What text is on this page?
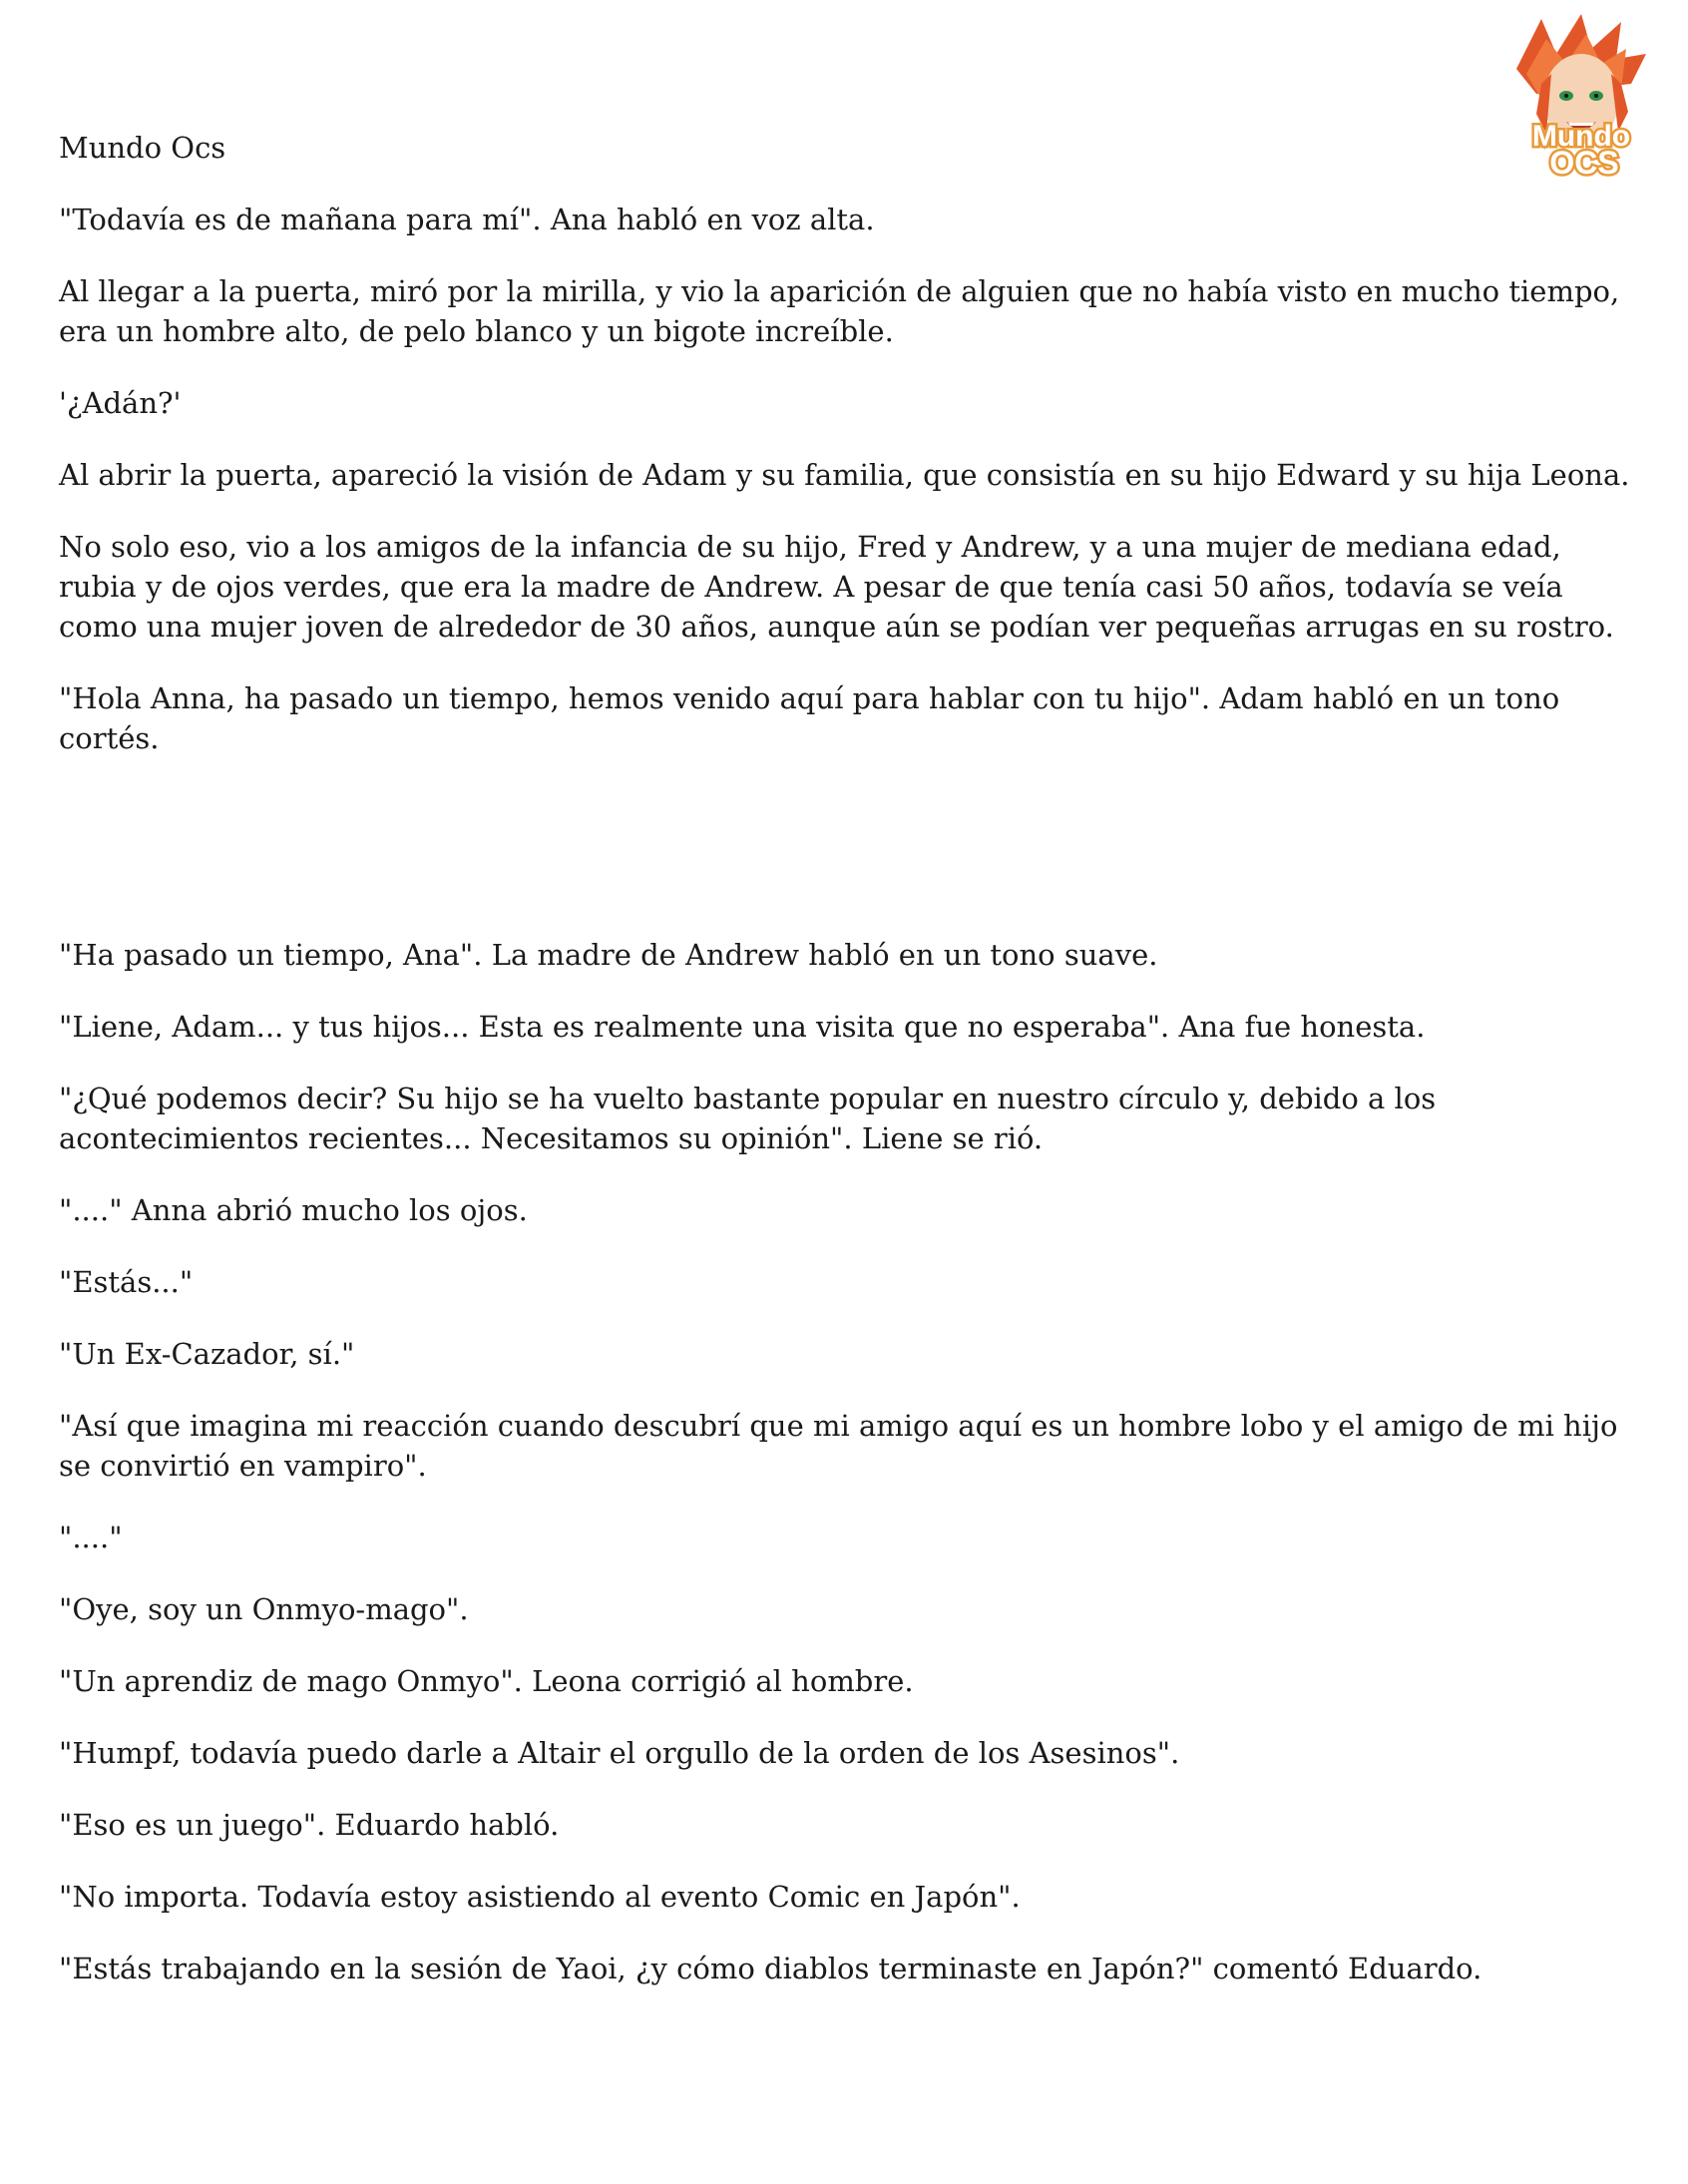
Mundo
OCS

Mundo Ocs

"Todavía es de mañana para mí". Ana habló en voz alta.

Al llegar a la puerta, miró por la mirilla, y vio la aparición de alguien que no había visto en mucho tiempo, era un hombre alto, de pelo blanco y un bigote increíble.

'¿Adán?'

Al abrir la puerta, apareció la visión de Adam y su familia, que consistía en su hijo Edward y su hija Leona.

No solo eso, vio a los amigos de la infancia de su hijo, Fred y Andrew, y a una mujer de mediana edad, rubia y de ojos verdes, que era la madre de Andrew. A pesar de que tenía casi 50 años, todavía se veía como una mujer joven de alrededor de 30 años, aunque aún se podían ver pequeñas arrugas en su rostro.

"Hola Anna, ha pasado un tiempo, hemos venido aquí para hablar con tu hijo". Adam habló en un tono cortés.

"Ha pasado un tiempo, Ana". La madre de Andrew habló en un tono suave.

"Liene, Adam... y tus hijos... Esta es realmente una visita que no esperaba". Ana fue honesta.

"¿Qué podemos decir? Su hijo se ha vuelto bastante popular en nuestro círculo y, debido a los acontecimientos recientes... Necesitamos su opinión". Liene se rió.

"...." Anna abrió mucho los ojos.

"Estás..."

"Un Ex-Cazador, sí."

"Así que imagina mi reacción cuando descubrí que mi amigo aquí es un hombre lobo y el amigo de mi hijo se convirtió en vampiro".

"...."

"Oye, soy un Onmyo-mago".

"Un aprendiz de mago Onmyo". Leona corrigió al hombre.

"Humpf, todavía puedo darle a Altair el orgullo de la orden de los Asesinos".

"Eso es un juego". Eduardo habló.

"No importa. Todavía estoy asistiendo al evento Comic en Japón".

"Estás trabajando en la sesión de Yaoi, ¿y cómo diablos terminaste en Japón?" comentó Eduardo.
